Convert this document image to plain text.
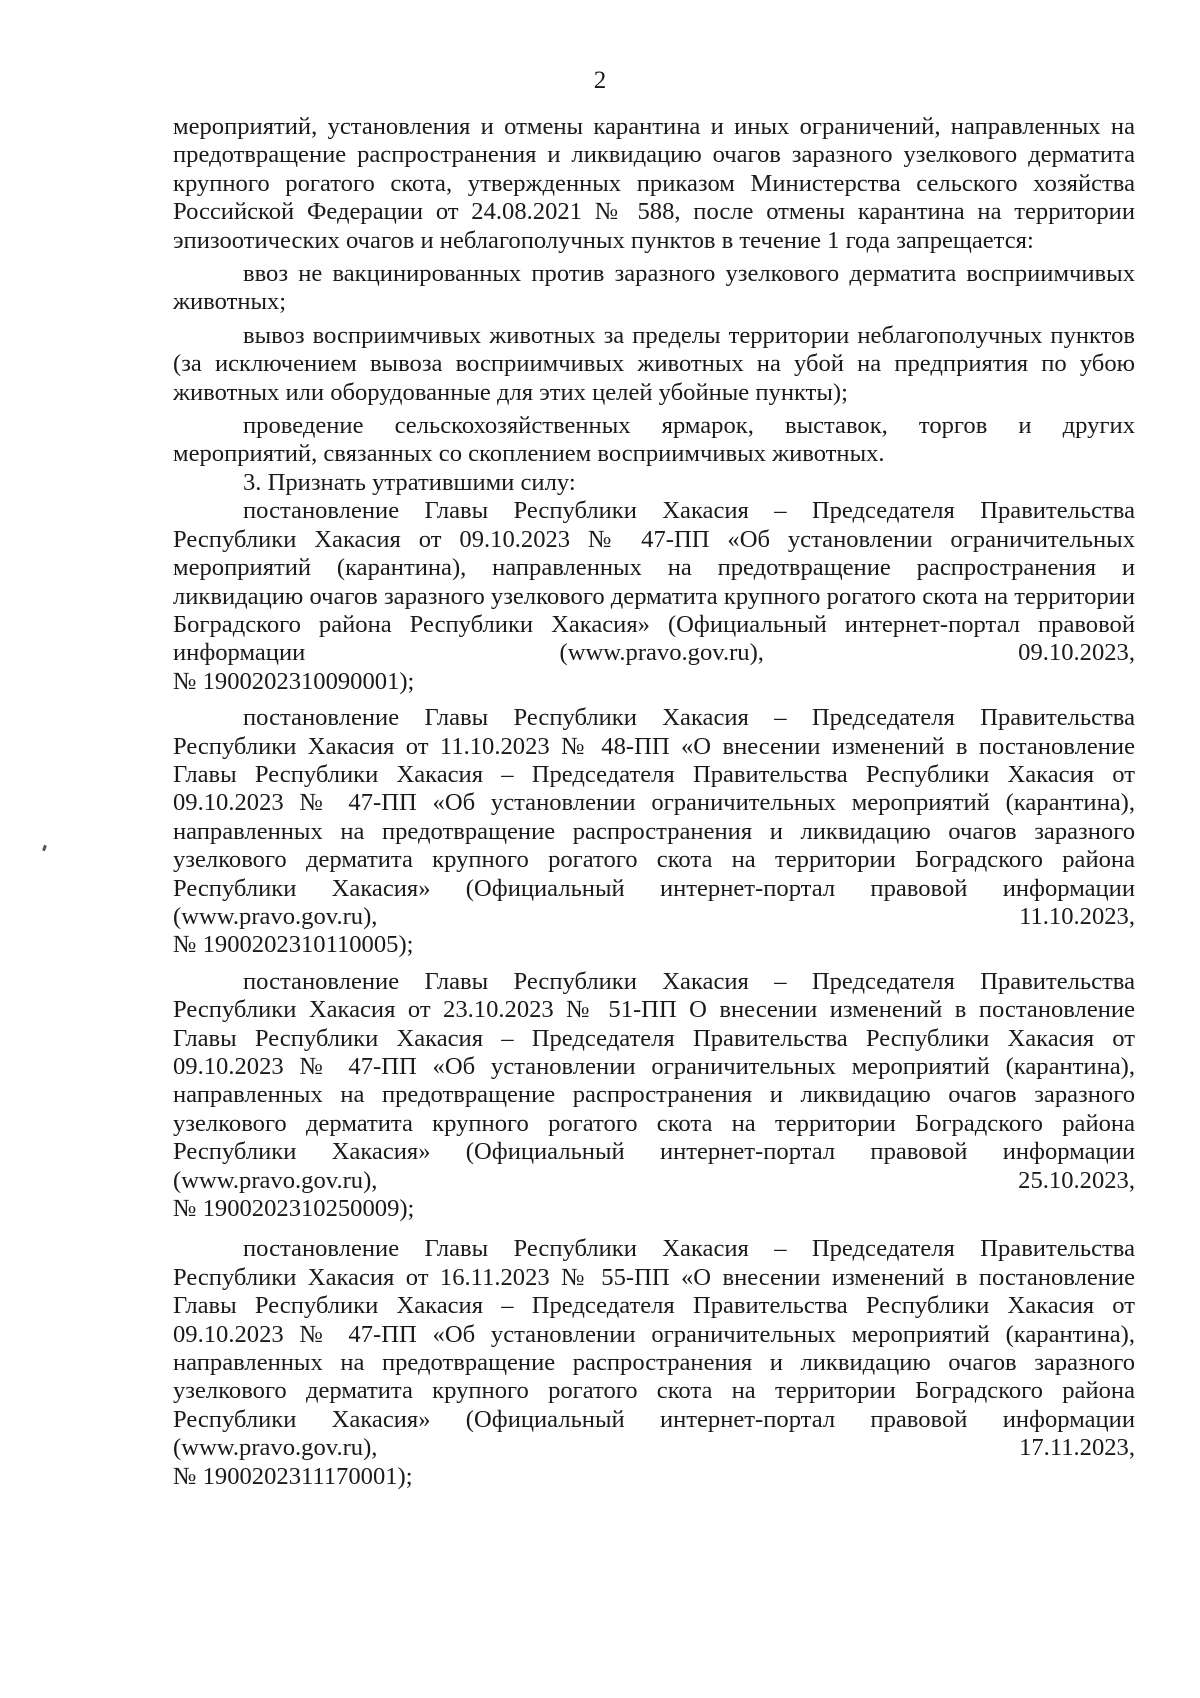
2

мероприятий, установления и отмены карантина и иных ограничений, направленных на предотвращение распространения и ликвидацию очагов заразного узелкового дерматита крупного рогатого скота, утвержденных приказом Министерства сельского хозяйства Российской Федерации от 24.08.2021 № 588, после отмены карантина на территории эпизоотических очагов и неблагополучных пунктов в течение 1 года запрещается:

ввоз не вакцинированных против заразного узелкового дерматита восприимчивых животных;

вывоз восприимчивых животных за пределы территории неблагополучных пунктов (за исключением вывоза восприимчивых животных на убой на предприятия по убою животных или оборудованные для этих целей убойные пункты);

проведение сельскохозяйственных ярмарок, выставок, торгов и других мероприятий, связанных со скоплением восприимчивых животных.

3. Признать утратившими силу:

постановление Главы Республики Хакасия – Председателя Правительства Республики Хакасия от 09.10.2023 № 47-ПП «Об установлении ограничительных мероприятий (карантина), направленных на предотвращение распространения и ликвидацию очагов заразного узелкового дерматита крупного рогатого скота на территории Боградского района Республики Хакасия» (Официальный интернет-портал правовой информации (www.pravo.gov.ru), 09.10.2023,

№ 1900202310090001);

постановление Главы Республики Хакасия – Председателя Правительства Республики Хакасия от 11.10.2023 № 48-ПП «О внесении изменений в постановление Главы Республики Хакасия – Председателя Правительства Республики Хакасия от 09.10.2023 № 47-ПП «Об установлении ограничительных мероприятий (карантина), направленных на предотвращение распространения и ликвидацию очагов заразного узелкового дерматита крупного рогатого скота на территории Боградского района Республики Хакасия» (Официальный интернет-портал правовой информации (www.pravo.gov.ru), 11.10.2023,

№ 1900202310110005);

постановление Главы Республики Хакасия – Председателя Правительства Республики Хакасия от 23.10.2023 № 51-ПП О внесении изменений в постановление Главы Республики Хакасия – Председателя Правительства Республики Хакасия от 09.10.2023 № 47-ПП «Об установлении ограничительных мероприятий (карантина), направленных на предотвращение распространения и ликвидацию очагов заразного узелкового дерматита крупного рогатого скота на территории Боградского района Республики Хакасия» (Официальный интернет-портал правовой информации

(www.pravo.gov.ru),	25.10.2023,

№ 1900202310250009);

постановление Главы Республики Хакасия – Председателя Правительства Республики Хакасия от 16.11.2023 № 55-ПП «О внесении изменений в постановление Главы Республики Хакасия – Председателя Правительства Республики Хакасия от 09.10.2023 № 47-ПП «Об установлении ограничительных мероприятий (карантина), направленных на предотвращение распространения и ликвидацию очагов заразного узелкового дерматита крупного рогатого скота на территории Боградского района Республики Хакасия» (Официальный интернет-портал правовой информации (www.pravo.gov.ru), 17.11.2023,

№ 1900202311170001);
